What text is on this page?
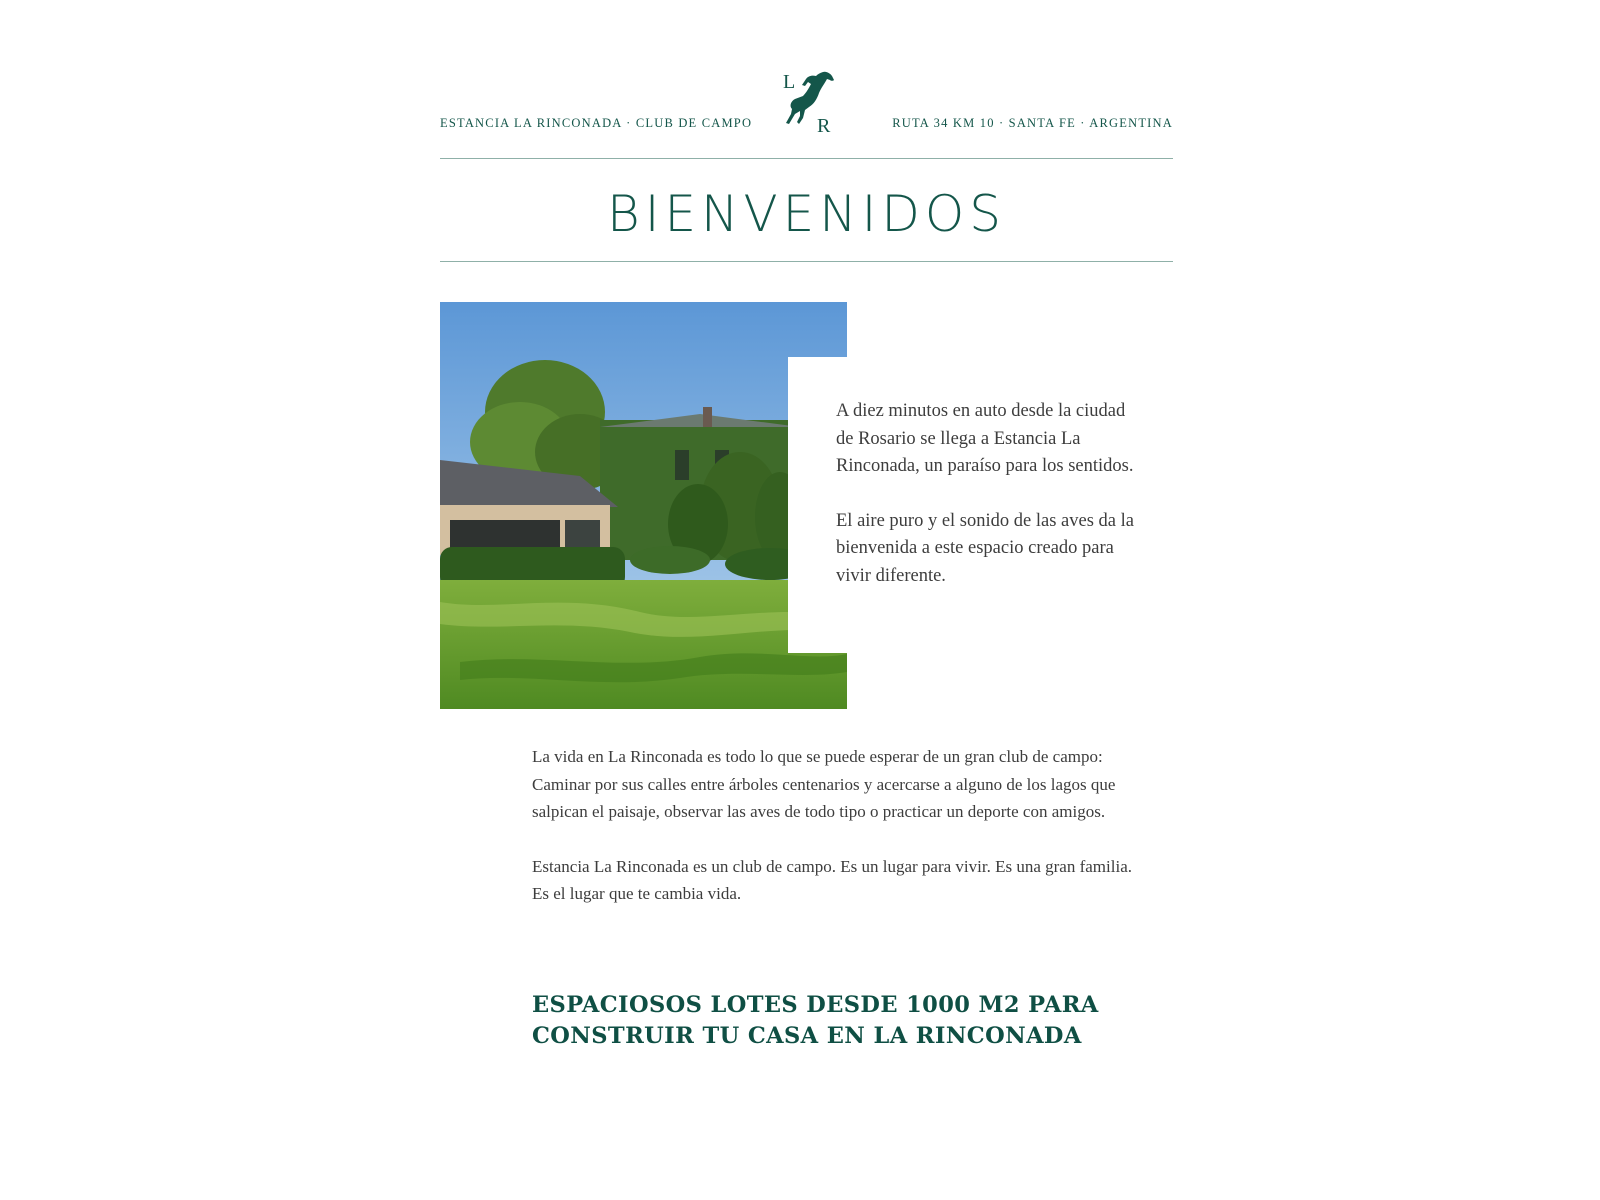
ESTANCIA LA RINCONADA · CLUB DE CAMPO
L
R	RUTA 34 KM 10 · SANTA FE · ARGENTINA
BIENVENIDOS

A diez minutos en auto desde la ciudad de Rosario se llega a Estancia La Rinconada, un paraíso para los sentidos.

El aire puro y el sonido de las aves da la bienvenida a este espacio creado para vivir diferente.

La vida en La Rinconada es todo lo que se puede esperar de un gran club de campo: Caminar por sus calles entre árboles centenarios y acercarse a alguno de los lagos que salpican el paisaje, observar las aves de todo tipo o practicar un deporte con amigos.

Estancia La Rinconada es un club de campo. Es un lugar para vivir. Es una gran familia. Es el lugar que te cambia vida.

ESPACIOSOS LOTES DESDE 1000 M2 PARA CONSTRUIR TU CASA EN LA RINCONADA
